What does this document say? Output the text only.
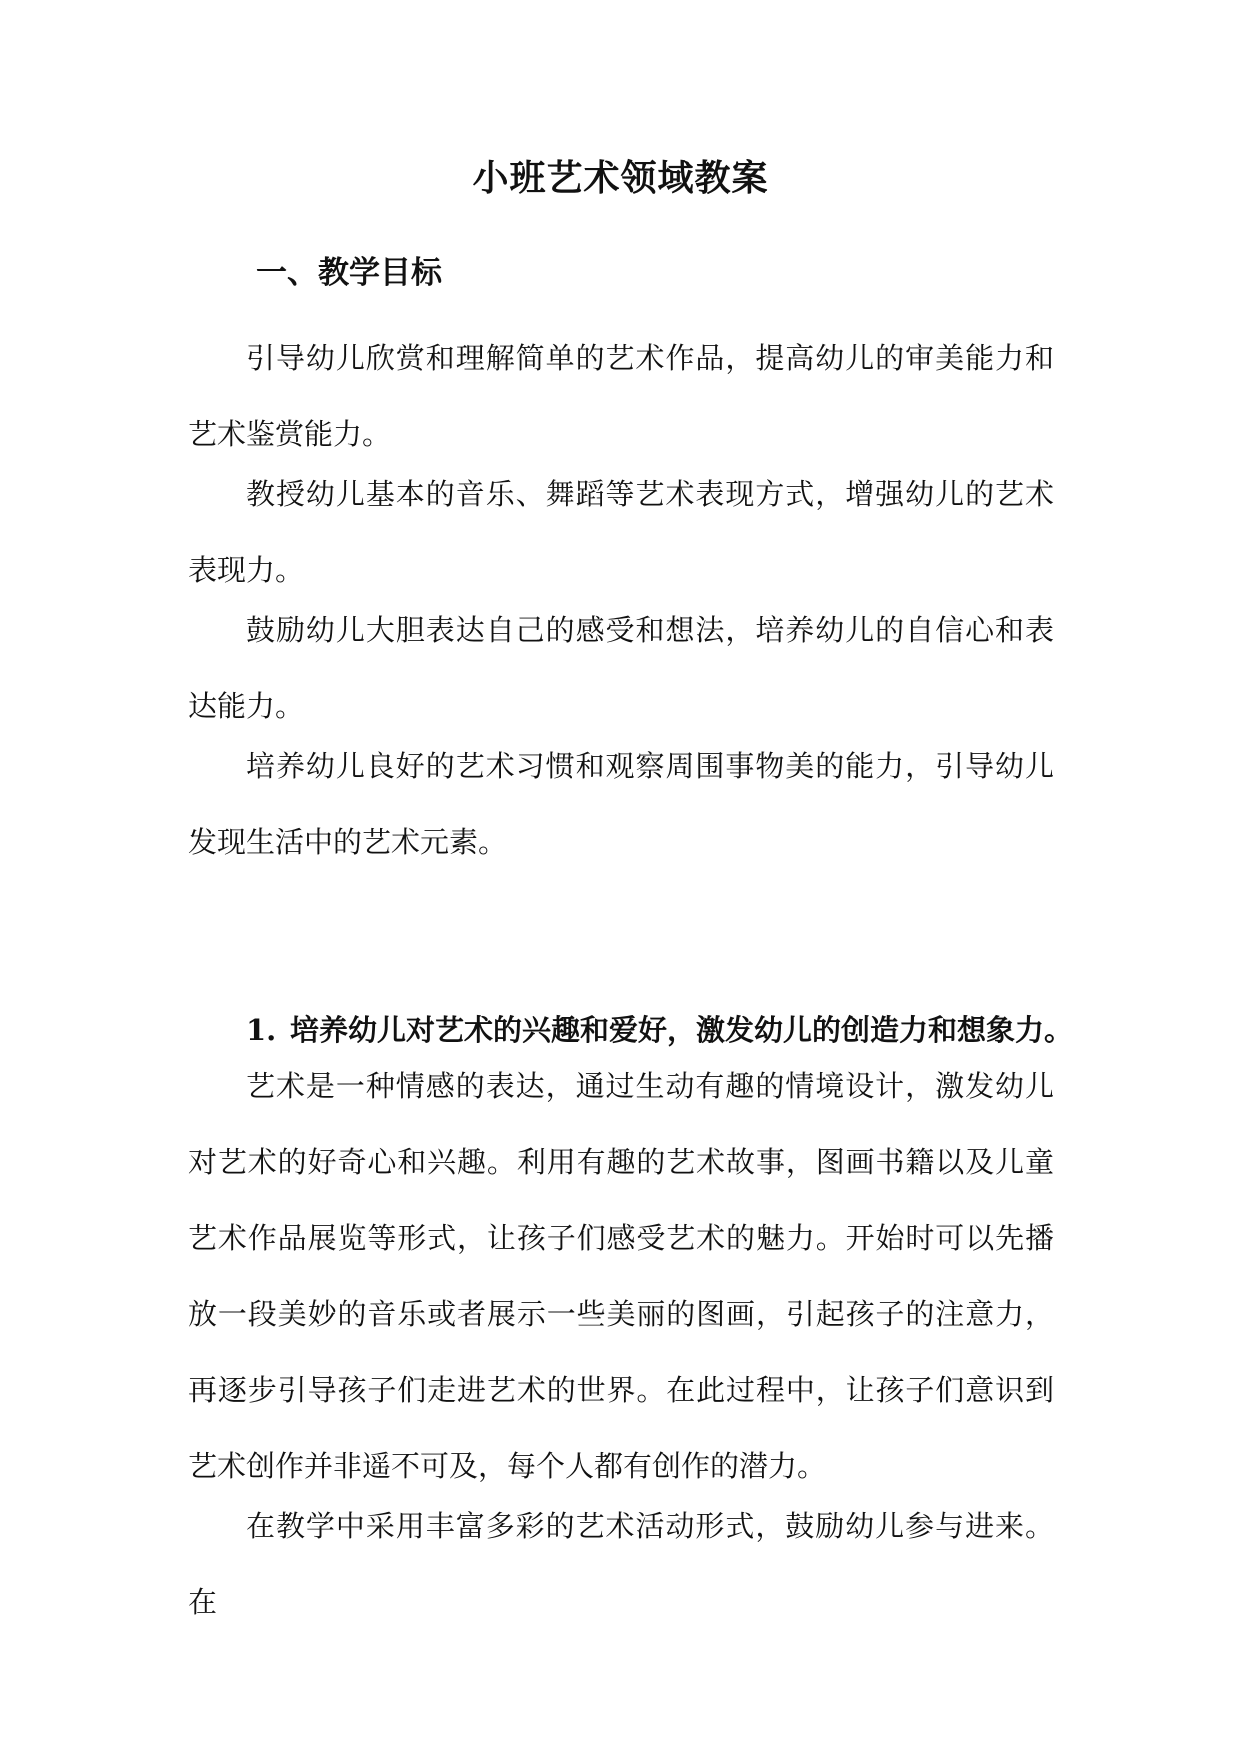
小班艺术领域教案
一、教学目标
引导幼儿欣赏和理解简单的艺术作品，提高幼儿的审美能力和艺术鉴赏能力。
教授幼儿基本的音乐、舞蹈等艺术表现方式，增强幼儿的艺术表现力。
鼓励幼儿大胆表达自己的感受和想法，培养幼儿的自信心和表达能力。
培养幼儿良好的艺术习惯和观察周围事物美的能力，引导幼儿发现生活中的艺术元素。
1. 培养幼儿对艺术的兴趣和爱好，激发幼儿的创造力和想象力。
艺术是一种情感的表达，通过生动有趣的情境设计，激发幼儿对艺术的好奇心和兴趣。利用有趣的艺术故事，图画书籍以及儿童艺术作品展览等形式，让孩子们感受艺术的魅力。开始时可以先播放一段美妙的音乐或者展示一些美丽的图画，引起孩子的注意力，再逐步引导孩子们走进艺术的世界。在此过程中，让孩子们意识到艺术创作并非遥不可及，每个人都有创作的潜力。
在教学中采用丰富多彩的艺术活动形式，鼓励幼儿参与进来。在
